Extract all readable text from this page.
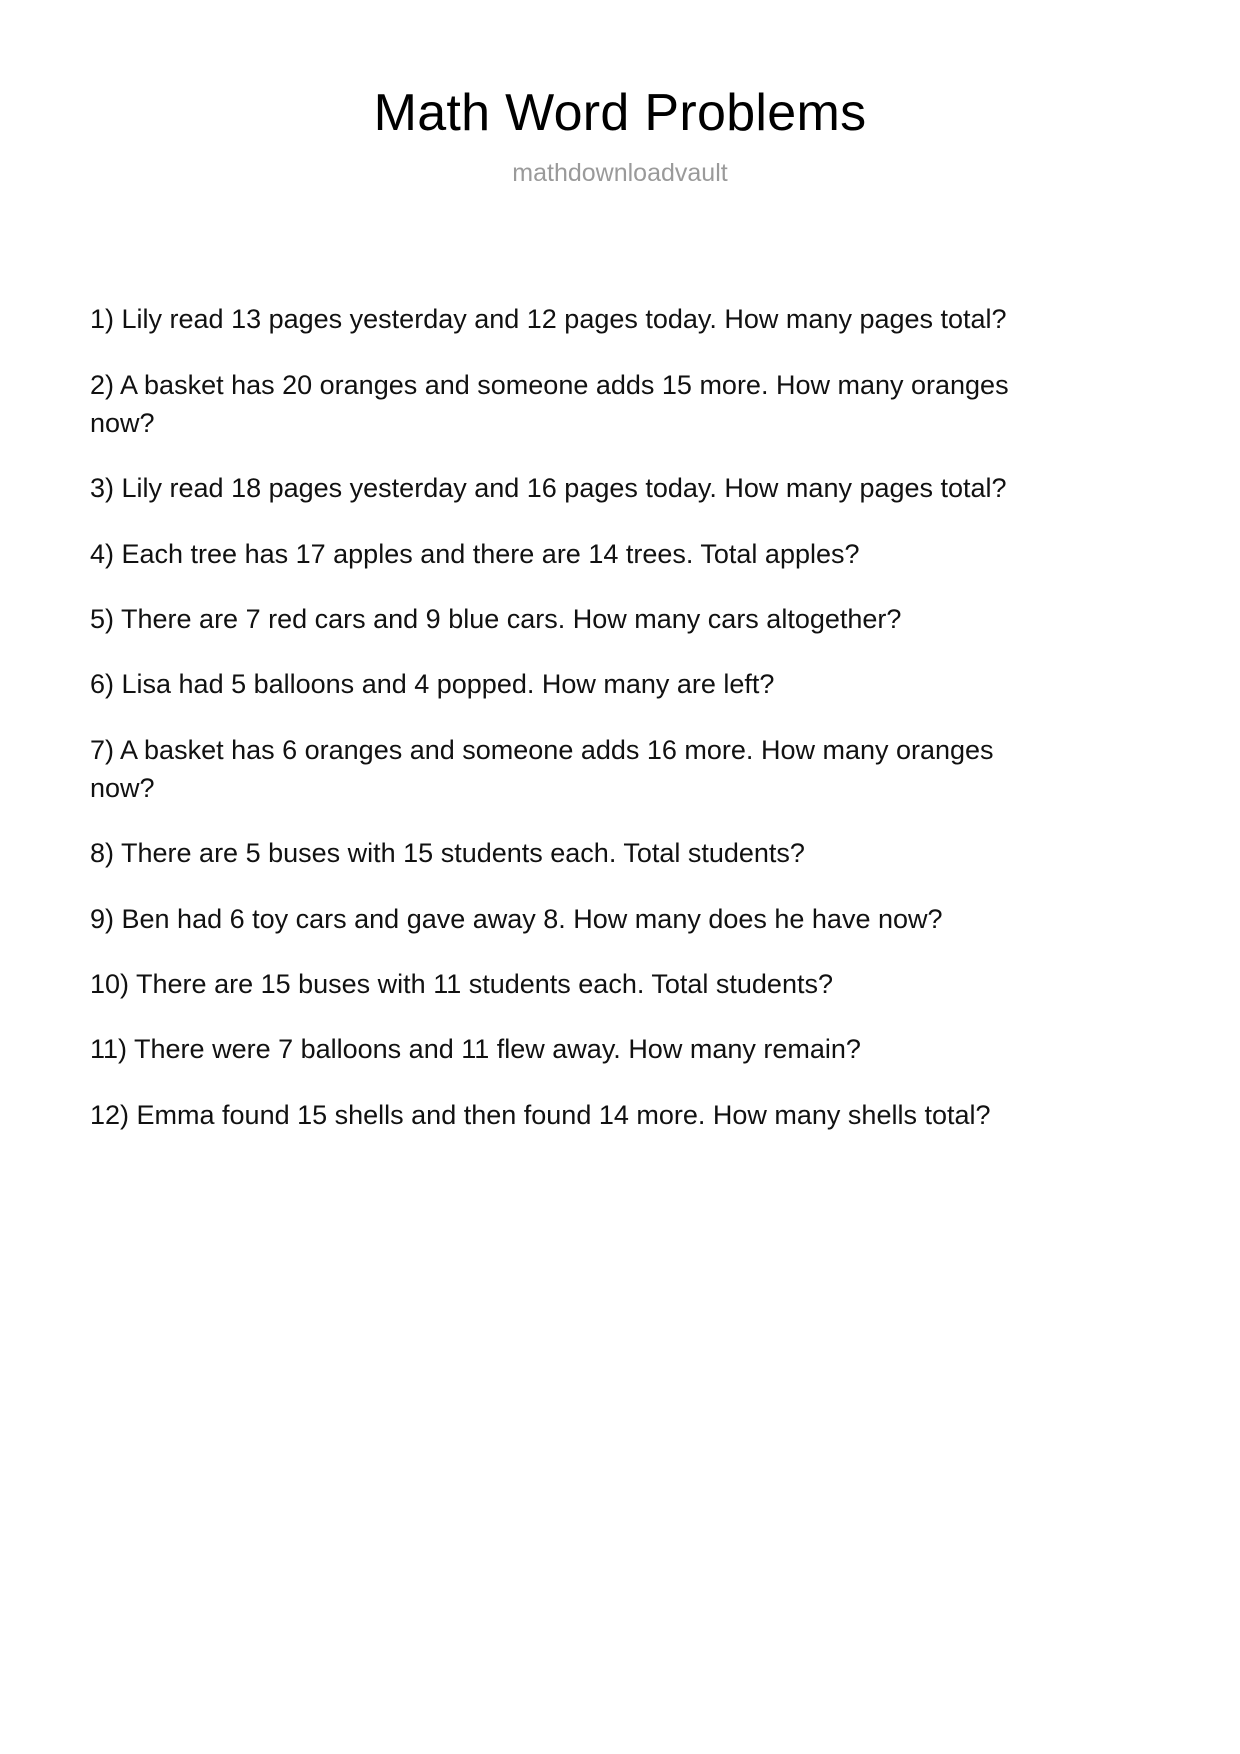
Math Word Problems
mathdownloadvault

1) Lily read 13 pages yesterday and 12 pages today. How many pages total?

2) A basket has 20 oranges and someone adds 15 more. How many oranges now?

3) Lily read 18 pages yesterday and 16 pages today. How many pages total?

4) Each tree has 17 apples and there are 14 trees. Total apples?

5) There are 7 red cars and 9 blue cars. How many cars altogether?

6) Lisa had 5 balloons and 4 popped. How many are left?

7) A basket has 6 oranges and someone adds 16 more. How many oranges now?

8) There are 5 buses with 15 students each. Total students?

9) Ben had 6 toy cars and gave away 8. How many does he have now?

10) There are 15 buses with 11 students each. Total students?

11) There were 7 balloons and 11 flew away. How many remain?

12) Emma found 15 shells and then found 14 more. How many shells total?
